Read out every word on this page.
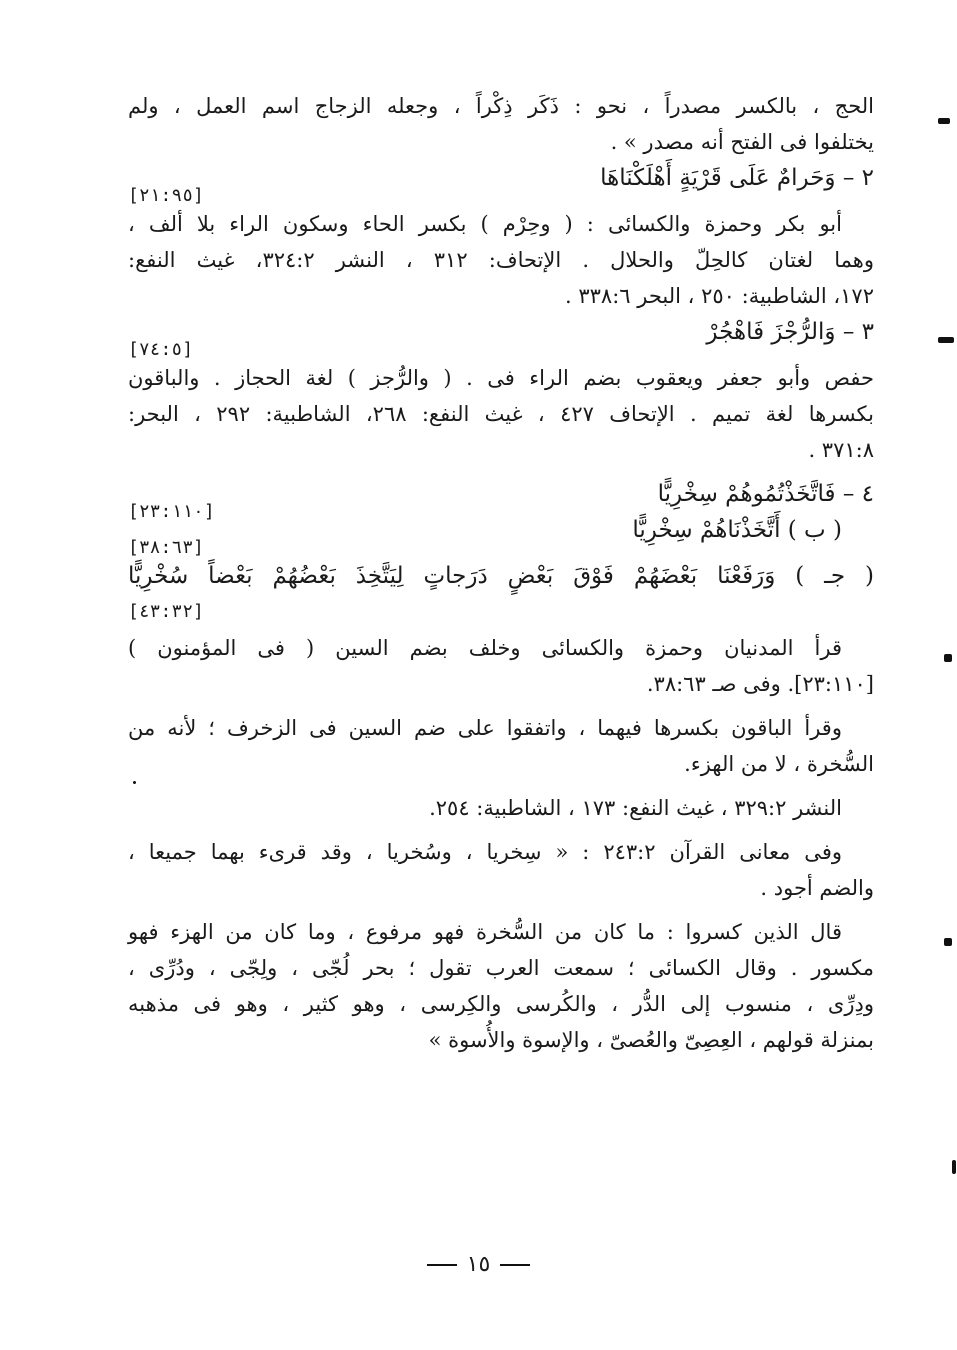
الحج ، بالكسر مصدراً ، نحو : ذَكَر ذِكْراً ، وجعله الزجاج اسم العمل ، ولم
يختلفوا فى الفتح أنه مصدر » .
٢ – وَحَرامٌ عَلَى قَرْيَةٍ أَهْلَكْنَاهَا
[٢١:٩٥]
أبو بكر وحمزة والكسائى : ( وحِرْم ) بكسر الحاء وسكون الراء بلا ألف ،
وهما لغتان كالحِلّ والحلال . الإتحاف: ٣١٢ ، النشر ٣٢٤:٢، غيث النفع:
١٧٢، الشاطبية: ٢٥٠ ، البحر ٣٣٨:٦ .
٣ – وَالرُّجْزَ فَاهْجُرْ
[٧٤:٥]
حفص وأبو جعفر ويعقوب بضم الراء فى . ( والرُّجز ) لغة الحجاز . والباقون
بكسرها لغة تميم . الإتحاف ٤٢٧ ، غيث النفع: ٢٦٨، الشاطبية: ٢٩٢ ، البحر:
٣٧١:٨ .
٤ – فَاتَّخَذْتُمُوهُمْ سِخْرِيًّا
[٢٣:١١٠]
( ب ) أَتَّخَذْنَاهُمْ سِخْرِيًّا
[٣٨:٦٣]
( جـ ) وَرَفَعْنَا بَعْضَهُمْ فَوْقَ بَعْضٍ دَرَجاتٍ لِيَتَّخِذَ بَعْضُهُمْ بَعْضاً سُخْرِيًّا
[٤٣:٣٢]
قرأ المدنيان وحمزة والكسائى وخلف بضم السين ( فى المؤمنون )
[٢٣:١١٠]. وفى صـ ٣٨:٦٣.
وقرأ الباقون بكسرها فيهما ، واتفقوا على ضم السين فى الزخرف ؛ لأنه من
السُّخرة ، لا من الهزء.
النشر ٣٢٩:٢ ، غيث النفع: ١٧٣ ، الشاطبية: ٢٥٤.
وفى معانى القرآن ٢٤٣:٢ : « سِخريا ، وسُخريا ، وقد قرىء بهما جميعا ،
والضم أجود .
قال الذين كسروا : ما كان من السُّخرة فهو مرفوع ، وما كان من الهزء فهو
مكسور . وقال الكسائى ؛ سمعت العرب تقول ؛ بحر لُجّى ، ولِجّى ، ودُرِّى ،
ودِرِّى ، منسوب إلى الدُّر ، والكُرسى والكِرسى ، وهو كثير ، وهو فى مذهبه
بمنزلة قولهم ، العِصِىّ والعُصىّ ، والإسوة والأُسوة »
١٥
